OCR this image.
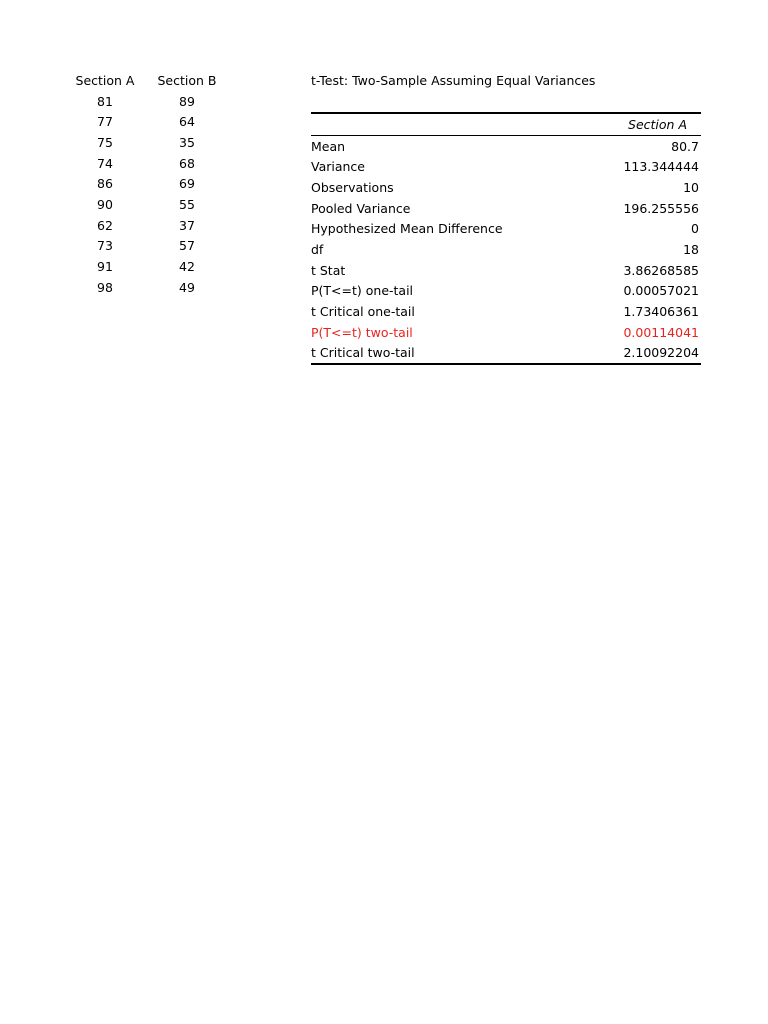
Section A	Section B
81	89
77	64
75	35
74	68
86	69
90	55
62	37
73	57
91	42
98	49
t-Test: Two-Sample Assuming Equal Variances
	Section A
Mean	80.7
Variance	113.344444
Observations	10
Pooled Variance	196.255556
Hypothesized Mean Difference	0
df	18
t Stat	3.86268585
P(T<=t) one-tail	0.00057021
t Critical one-tail	1.73406361
P(T<=t) two-tail	0.00114041
t Critical two-tail	2.10092204
